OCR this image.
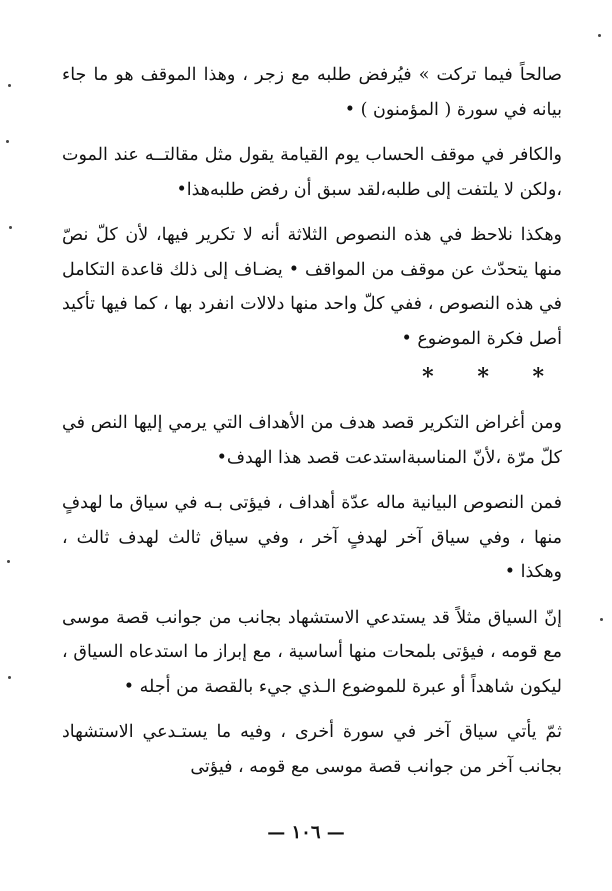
صالحاً فيما تركت » فيُرفض طلبه مع زجر ، وهذا الموقف هو ما جاء بيانه في سورة ( المؤمنون ) •

والكافر في موقف الحساب يوم القيامة يقول مثل مقالتــه عند الموت ،ولكن لا يلتفت إلى طلبه،لقد سبق أن رفض طلبه‌هذا•

وهكذا نلاحظ في هذه النصوص الثلاثة أنه لا تكرير فيها، لأن كلّ نصّ منها يتحدّث عن موقف من المواقف • يضـاف إلى ذلك قاعدة التكامل في هذه النصوص ، ففي كلّ واحد منها دلالات انفرد بها ، كما فيها تأكيد أصل فكرة الموضوع •

* * *

ومن أغراض التكرير قصد هدف من الأهداف التي يرمي إليها النص في كلّ مرّة ،لأنّ المناسبةاستدعت قصد هذا الهدف•

فمن النصوص البيانية ماله عدّة أهداف ، فيؤتى بـه في سياق ما لهدفٍ منها ، وفي سياق آخر لهدفٍ آخر ، وفي سياق ثالث لهدف ثالث ، وهكذا •

إنّ السياق مثلاً قد يستدعي الاستشهاد بجانب من جوانب قصة موسى مع قومه ، فيؤتى بلمحات منها أساسية ، مع إبراز ما استدعاه السياق ، ليكون شاهداً أو عبرة للموضوع الـذي جيء بالقصة من أجله •

ثمّ يأتي سياق آخر في سورة أخرى ، وفيه ما يستـدعي الاستشهاد بجانب آخر من جوانب قصة موسى مع قومه ، فيؤتى

— ١٠٦ —
